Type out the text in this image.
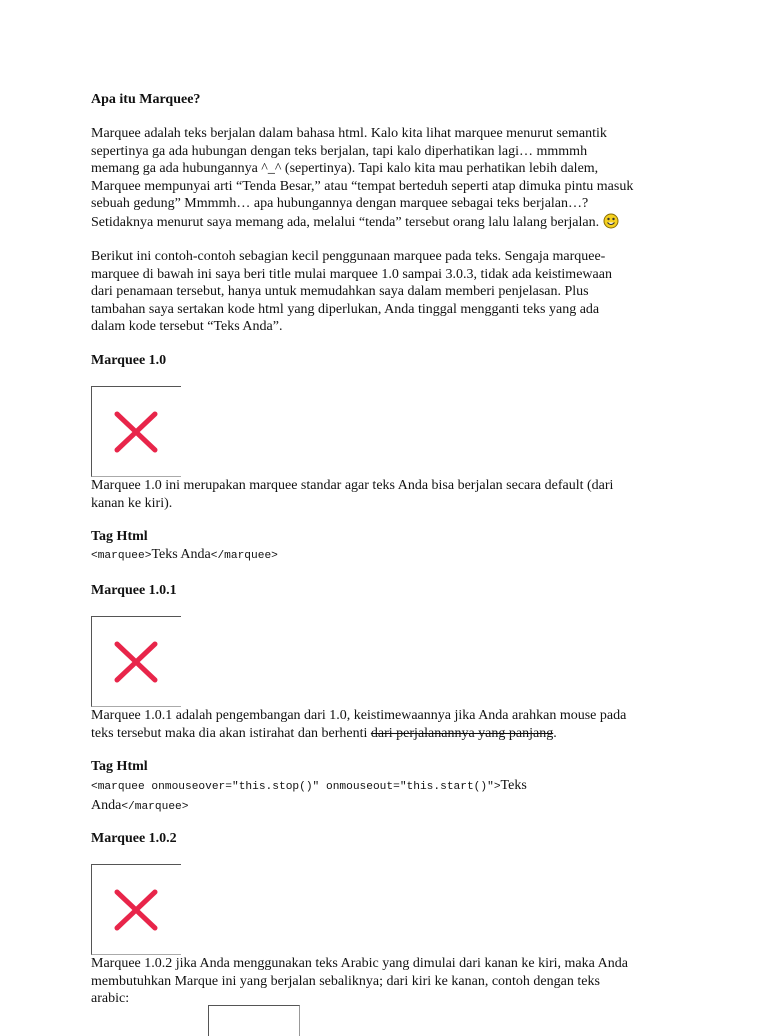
Apa itu Marquee?

Marquee adalah teks berjalan dalam bahasa html. Kalo kita lihat marquee menurut semantik

sepertinya ga ada hubungan dengan teks berjalan, tapi kalo diperhatikan lagi… mmmmh

memang ga ada hubungannya ^_^ (sepertinya). Tapi kalo kita mau perhatikan lebih dalem,

Marquee mempunyai arti “Tenda Besar,” atau “tempat berteduh seperti atap dimuka pintu masuk

sebuah gedung” Mmmmh… apa hubungannya dengan marquee sebagai teks berjalan…?

Setidaknya menurut saya memang ada, melalui “tenda” tersebut orang lalu lalang berjalan.

Berikut ini contoh-contoh sebagian kecil penggunaan marquee pada teks. Sengaja marquee-

marquee di bawah ini saya beri title mulai marquee 1.0 sampai 3.0.3, tidak ada keistimewaan

dari penamaan tersebut, hanya untuk memudahkan saya dalam memberi penjelasan. Plus

tambahan saya sertakan kode html yang diperlukan, Anda tinggal mengganti teks yang ada

dalam kode tersebut “Teks Anda”.

Marquee 1.0

Marquee 1.0 ini merupakan marquee standar agar teks Anda bisa berjalan secara default (dari

kanan ke kiri).

Tag Html

<marquee>Teks Anda</marquee>

Marquee 1.0.1

Marquee 1.0.1 adalah pengembangan dari 1.0, keistimewaannya jika Anda arahkan mouse pada

teks tersebut maka dia akan istirahat dan berhenti dari perjalanannya yang panjang.

Tag Html

<marquee onmouseover="this.stop()" onmouseout="this.start()">Teks

Anda</marquee>

Marquee 1.0.2

Marquee 1.0.2 jika Anda menggunakan teks Arabic yang dimulai dari kanan ke kiri, maka Anda

membutuhkan Marque ini yang berjalan sebaliknya; dari kiri ke kanan, contoh dengan teks

arabic:
